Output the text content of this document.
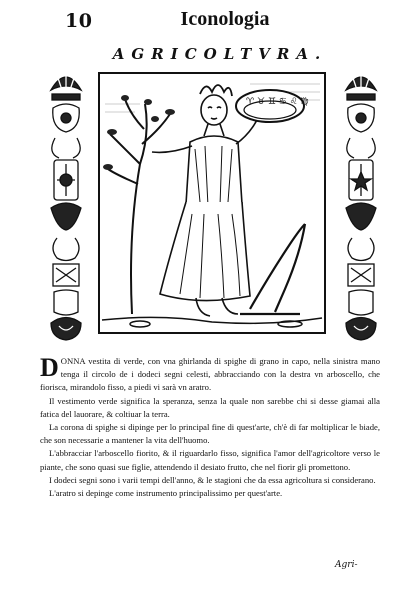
10	Iconologia
AGRICOLTVRA.
♈ ♉ ♊ ♋ ♌ ♍

DONNA vestita di verde, con vna ghirlanda di spighe di grano in capo, nella sinistra mano tenga il circolo de i dodeci segni celesti, abbracciando con la destra vn arboscello, che fiorisca, mirandolo fisso, a piedi vi sarà vn aratro.

Il vestimento verde significa la speranza, senza la quale non sarebbe chi si desse giamai alla fatica del lauorare, & coltiuar la terra.

La corona di spighe si dipinge per lo principal fine di quest'arte, ch'è di far moltiplicar le biade, che son necessarie a mantener la vita dell'huomo.

L'abbracciar l'arboscello fiorito, & il riguardarlo fisso, significa l'amor dell'agricoltore verso le piante, che sono quasi sue figlie, attendendo il desiato frutto, che nel fiorir gli promettono.

I dodeci segni sono i varii tempi dell'anno, & le stagioni che da essa agricoltura si considerano.

L'aratro si depinge come instrumento principalissimo per quest'arte.

Agri-
